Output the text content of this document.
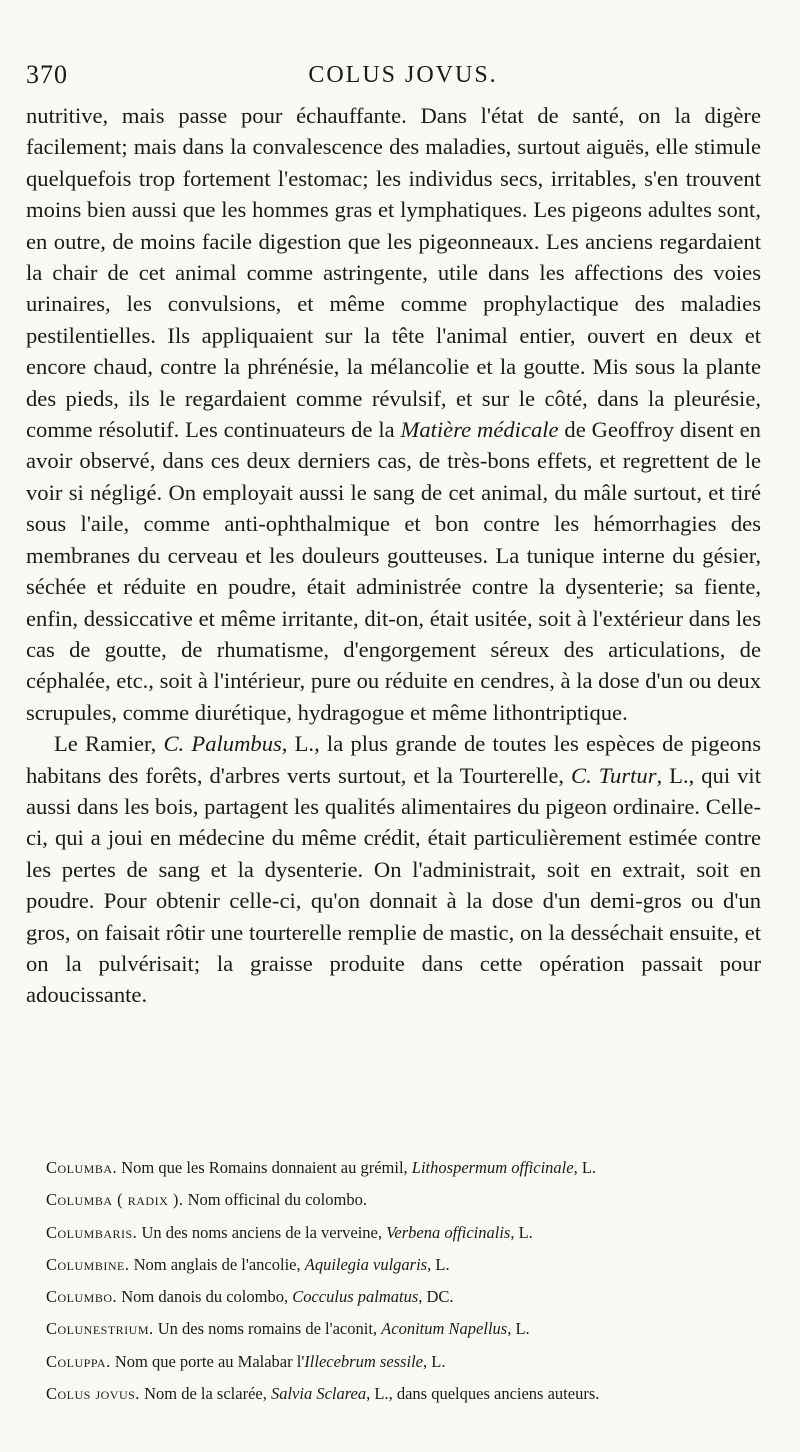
370	COLUS JOVUS.

nutritive, mais passe pour échauffante. Dans l'état de santé, on la digère facilement; mais dans la convalescence des maladies, surtout aiguës, elle stimule quelquefois trop fortement l'estomac; les individus secs, irritables, s'en trouvent moins bien aussi que les hommes gras et lymphatiques. Les pigeons adultes sont, en outre, de moins facile digestion que les pigeonneaux. Les anciens regardaient la chair de cet animal comme astringente, utile dans les affections des voies urinaires, les convulsions, et même comme prophylactique des maladies pestilentielles. Ils appliquaient sur la tête l'animal entier, ouvert en deux et encore chaud, contre la phrénésie, la mélancolie et la goutte. Mis sous la plante des pieds, ils le regardaient comme révulsif, et sur le côté, dans la pleurésie, comme résolutif. Les continuateurs de la Matière médicale de Geoffroy disent en avoir observé, dans ces deux derniers cas, de très-bons effets, et regrettent de le voir si négligé. On employait aussi le sang de cet animal, du mâle surtout, et tiré sous l'aile, comme anti-ophthalmique et bon contre les hémorrhagies des membranes du cerveau et les douleurs goutteuses. La tunique interne du gésier, séchée et réduite en poudre, était administrée contre la dysenterie; sa fiente, enfin, dessiccative et même irritante, dit-on, était usitée, soit à l'extérieur dans les cas de goutte, de rhumatisme, d'engorgement séreux des articulations, de céphalée, etc., soit à l'intérieur, pure ou réduite en cendres, à la dose d'un ou deux scrupules, comme diurétique, hydragogue et même lithontriptique.

Le Ramier, C. Palumbus, L., la plus grande de toutes les espèces de pigeons habitans des forêts, d'arbres verts surtout, et la Tourterelle, C. Turtur, L., qui vit aussi dans les bois, partagent les qualités alimentaires du pigeon ordinaire. Celle-ci, qui a joui en médecine du même crédit, était particulièrement estimée contre les pertes de sang et la dysenterie. On l'administrait, soit en extrait, soit en poudre. Pour obtenir celle-ci, qu'on donnait à la dose d'un demi-gros ou d'un gros, on faisait rôtir une tourterelle remplie de mastic, on la desséchait ensuite, et on la pulvérisait; la graisse produite dans cette opération passait pour adoucissante.

Columba. Nom que les Romains donnaient au grémil, Lithospermum officinale, L.
Columba ( radix ). Nom officinal du colombo.
Columbaris. Un des noms anciens de la verveine, Verbena officinalis, L.
Columbine. Nom anglais de l'ancolie, Aquilegia vulgaris, L.
Columbo. Nom danois du colombo, Cocculus palmatus, DC.
Colunestrium. Un des noms romains de l'aconit, Aconitum Napellus, L.
Coluppa. Nom que porte au Malabar l'Illecebrum sessile, L.
Colus jovus. Nom de la sclarée, Salvia Sclarea, L., dans quelques anciens auteurs.
